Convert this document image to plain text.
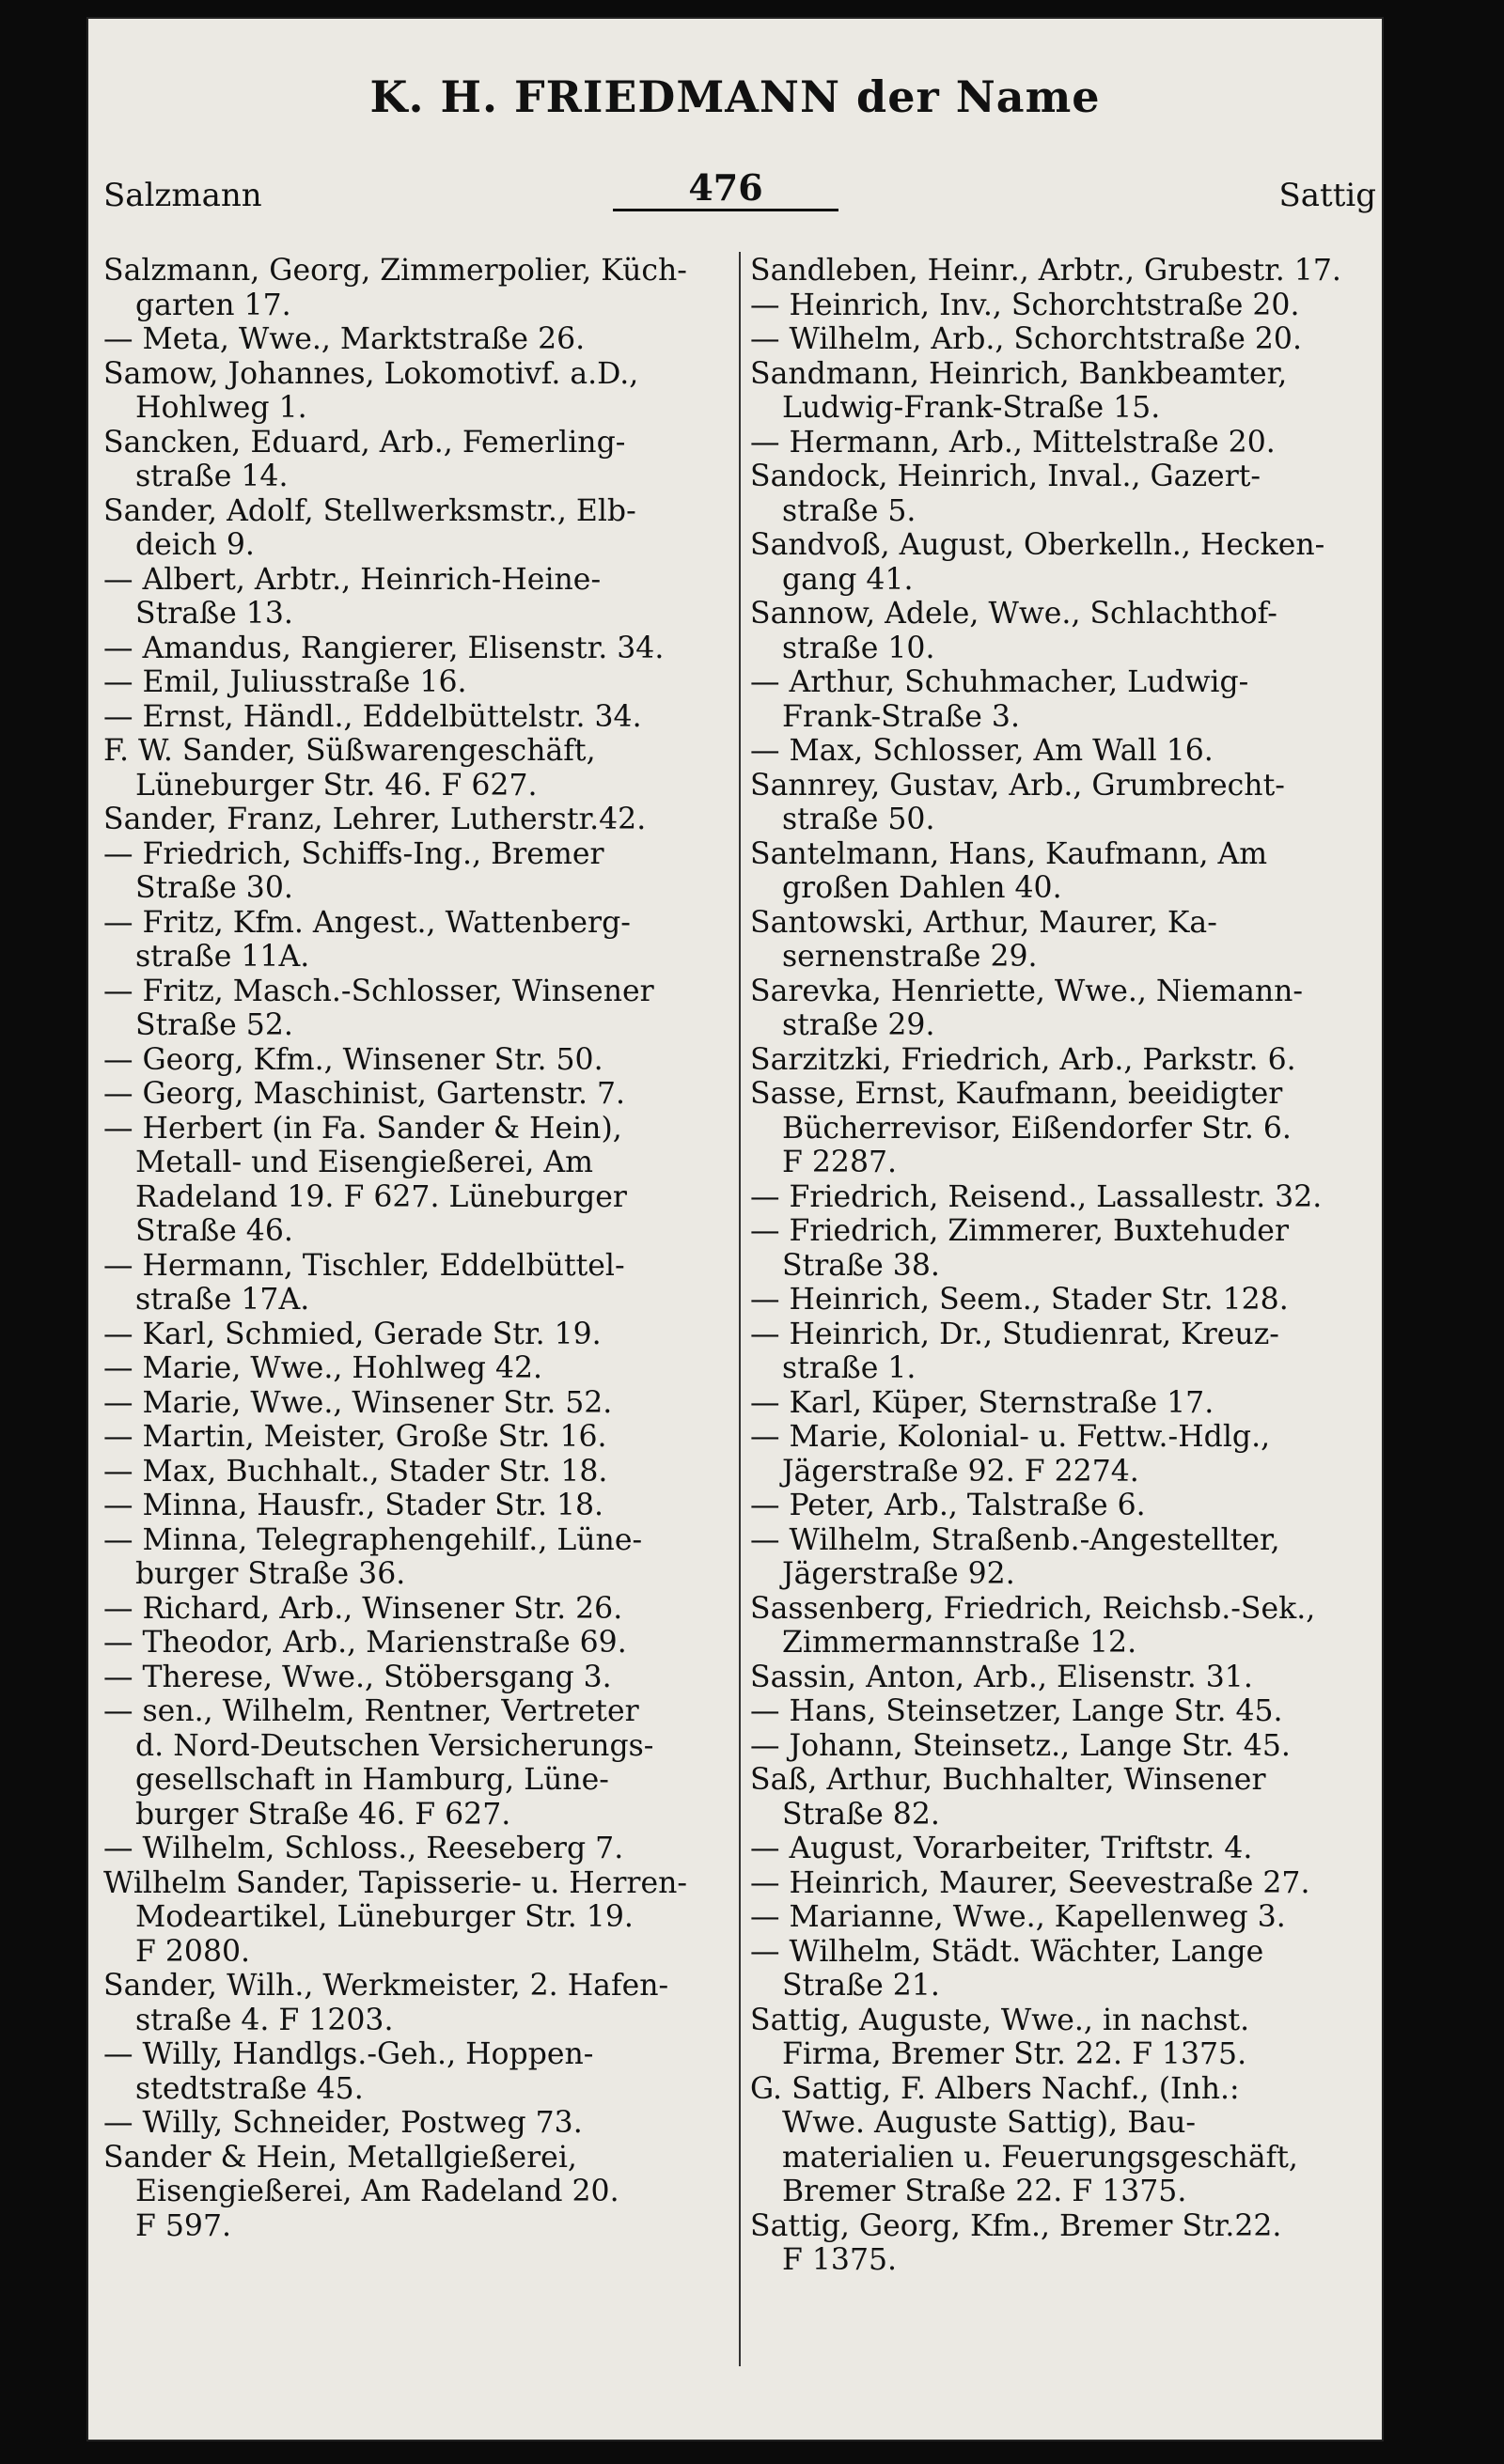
K. H. FRIEDMANN der Name
Salzmann	476	Sattig
Salzmann, Georg, Zimmerpolier, Küch-
garten 17.
— Meta, Wwe., Marktstraße 26.
Samow, Johannes, Lokomotivf. a.D.,
Hohlweg 1.
Sancken, Eduard, Arb., Femerling-
straße 14.
Sander, Adolf, Stellwerksmstr., Elb-
deich 9.
— Albert, Arbtr., Heinrich-Heine-
Straße 13.
— Amandus, Rangierer, Elisenstr. 34.
— Emil, Juliusstraße 16.
— Ernst, Händl., Eddelbüttelstr. 34.
F. W. Sander, Süßwarengeschäft,
Lüneburger Str. 46. F 627.
Sander, Franz, Lehrer, Lutherstr.42.
— Friedrich, Schiffs-Ing., Bremer
Straße 30.
— Fritz, Kfm. Angest., Wattenberg-
straße 11A.
— Fritz, Masch.-Schlosser, Winsener
Straße 52.
— Georg, Kfm., Winsener Str. 50.
— Georg, Maschinist, Gartenstr. 7.
— Herbert (in Fa. Sander & Hein),
Metall- und Eisengießerei, Am
Radeland 19. F 627. Lüneburger
Straße 46.
— Hermann, Tischler, Eddelbüttel-
straße 17A.
— Karl, Schmied, Gerade Str. 19.
— Marie, Wwe., Hohlweg 42.
— Marie, Wwe., Winsener Str. 52.
— Martin, Meister, Große Str. 16.
— Max, Buchhalt., Stader Str. 18.
— Minna, Hausfr., Stader Str. 18.
— Minna, Telegraphengehilf., Lüne-
burger Straße 36.
— Richard, Arb., Winsener Str. 26.
— Theodor, Arb., Marienstraße 69.
— Therese, Wwe., Stöbersgang 3.
— sen., Wilhelm, Rentner, Vertreter
d. Nord-Deutschen Versicherungs-
gesellschaft in Hamburg, Lüne-
burger Straße 46. F 627.
— Wilhelm, Schloss., Reeseberg 7.
Wilhelm Sander, Tapisserie- u. Herren-
Modeartikel, Lüneburger Str. 19.
F 2080.
Sander, Wilh., Werkmeister, 2. Hafen-
straße 4. F 1203.
— Willy, Handlgs.-Geh., Hoppen-
stedtstraße 45.
— Willy, Schneider, Postweg 73.
Sander & Hein, Metallgießerei,
Eisengießerei, Am Radeland 20.
F 597.
Sandleben, Heinr., Arbtr., Grubestr. 17.
— Heinrich, Inv., Schorchtstraße 20.
— Wilhelm, Arb., Schorchtstraße 20.
Sandmann, Heinrich, Bankbeamter,
Ludwig-Frank-Straße 15.
— Hermann, Arb., Mittelstraße 20.
Sandock, Heinrich, Inval., Gazert-
straße 5.
Sandvoß, August, Oberkelln., Hecken-
gang 41.
Sannow, Adele, Wwe., Schlachthof-
straße 10.
— Arthur, Schuhmacher, Ludwig-
Frank-Straße 3.
— Max, Schlosser, Am Wall 16.
Sannrey, Gustav, Arb., Grumbrecht-
straße 50.
Santelmann, Hans, Kaufmann, Am
großen Dahlen 40.
Santowski, Arthur, Maurer, Ka-
sernenstraße 29.
Sarevka, Henriette, Wwe., Niemann-
straße 29.
Sarzitzki, Friedrich, Arb., Parkstr. 6.
Sasse, Ernst, Kaufmann, beeidigter
Bücherrevisor, Eißendorfer Str. 6.
F 2287.
— Friedrich, Reisend., Lassallestr. 32.
— Friedrich, Zimmerer, Buxtehuder
Straße 38.
— Heinrich, Seem., Stader Str. 128.
— Heinrich, Dr., Studienrat, Kreuz-
straße 1.
— Karl, Küper, Sternstraße 17.
— Marie, Kolonial- u. Fettw.-Hdlg.,
Jägerstraße 92. F 2274.
— Peter, Arb., Talstraße 6.
— Wilhelm, Straßenb.-Angestellter,
Jägerstraße 92.
Sassenberg, Friedrich, Reichsb.-Sek.,
Zimmermannstraße 12.
Sassin, Anton, Arb., Elisenstr. 31.
— Hans, Steinsetzer, Lange Str. 45.
— Johann, Steinsetz., Lange Str. 45.
Saß, Arthur, Buchhalter, Winsener
Straße 82.
— August, Vorarbeiter, Triftstr. 4.
— Heinrich, Maurer, Seevestraße 27.
— Marianne, Wwe., Kapellenweg 3.
— Wilhelm, Städt. Wächter, Lange
Straße 21.
Sattig, Auguste, Wwe., in nachst.
Firma, Bremer Str. 22. F 1375.
G. Sattig, F. Albers Nachf., (Inh.:
Wwe. Auguste Sattig), Bau-
materialien u. Feuerungsgeschäft,
Bremer Straße 22. F 1375.
Sattig, Georg, Kfm., Bremer Str.22.
F 1375.
